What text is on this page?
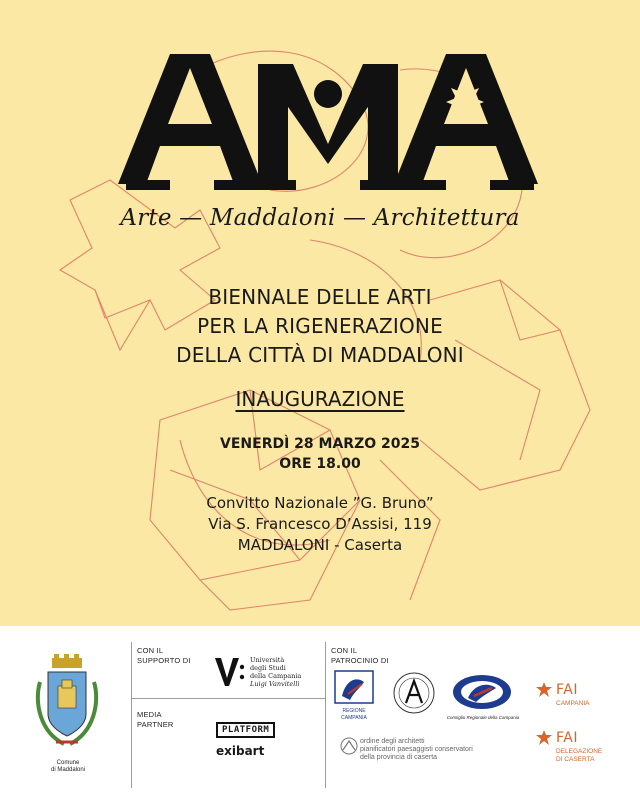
Arte — Maddaloni — Architettura
BIENNALE DELLE ARTI
PER LA RIGENERAZIONE
DELLA CITTÀ DI MADDALONI
INAUGURAZIONE
VENERDÌ 28 MARZO 2025
ORE 18.00
Convitto Nazionale ”G. Bruno”
Via S. Francesco D’Assisi, 119
MADDALONI - Caserta
Comune
di Maddaloni
CON IL
SUPPORTO DI	Università
degli Studi
della Campania
Luigi Vanvitelli
MEDIA
PARTNER
PLATFORM
exibart
CON IL
PATROCINIO DI
REGIONE CAMPANIA	Consiglio Regionale della Campania
ordine degli architetti
pianificatori paesaggisti conservatori
della provincia di caserta
FAI
CAMPANIA
FAI
DELEGAZIONE
DI CASERTA
